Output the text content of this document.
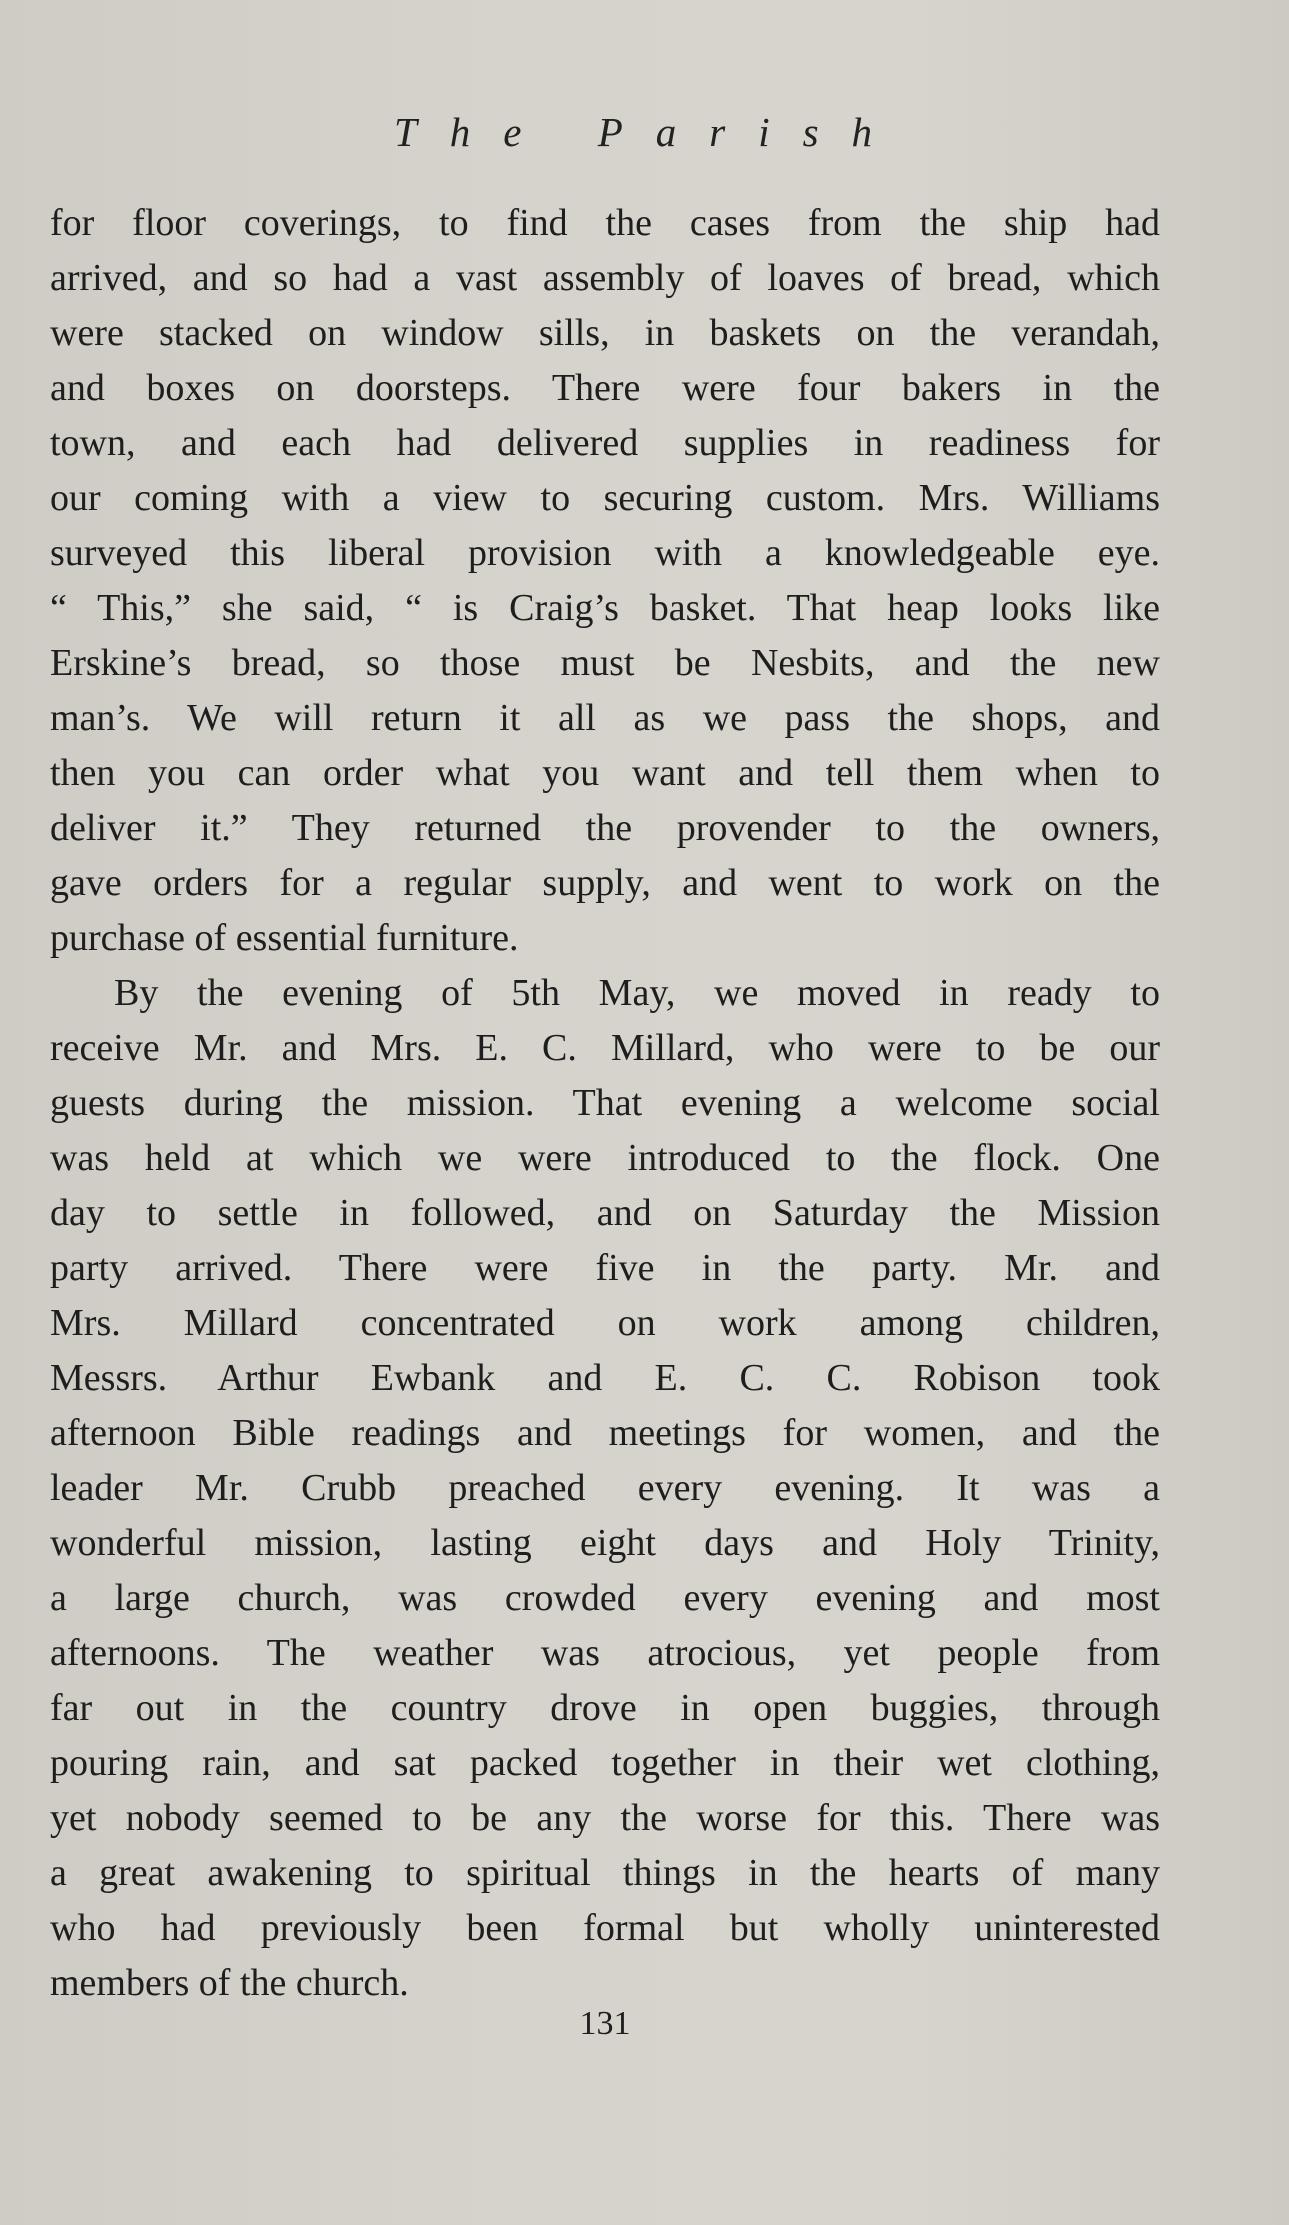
The Parish
for floor coverings, to find the cases from the ship had
arrived, and so had a vast assembly of loaves of bread, which
were stacked on window sills, in baskets on the verandah,
and boxes on doorsteps. There were four bakers in the
town, and each had delivered supplies in readiness for
our coming with a view to securing custom. Mrs. Williams
surveyed this liberal provision with a knowledgeable eye.
“ This,” she said, “ is Craig’s basket. That heap looks like
Erskine’s bread, so those must be Nesbits, and the new
man’s. We will return it all as we pass the shops, and
then you can order what you want and tell them when to
deliver it.” They returned the provender to the owners,
gave orders for a regular supply, and went to work on the
purchase of essential furniture.
By the evening of 5th May, we moved in ready to
receive Mr. and Mrs. E. C. Millard, who were to be our
guests during the mission. That evening a welcome social
was held at which we were introduced to the flock. One
day to settle in followed, and on Saturday the Mission
party arrived. There were five in the party. Mr. and
Mrs. Millard concentrated on work among children,
Messrs. Arthur Ewbank and E. C. C. Robison took
afternoon Bible readings and meetings for women, and the
leader Mr. Crubb preached every evening. It was a
wonderful mission, lasting eight days and Holy Trinity,
a large church, was crowded every evening and most
afternoons. The weather was atrocious, yet people from
far out in the country drove in open buggies, through
pouring rain, and sat packed together in their wet clothing,
yet nobody seemed to be any the worse for this. There was
a great awakening to spiritual things in the hearts of many
who had previously been formal but wholly uninterested
members of the church.
131
